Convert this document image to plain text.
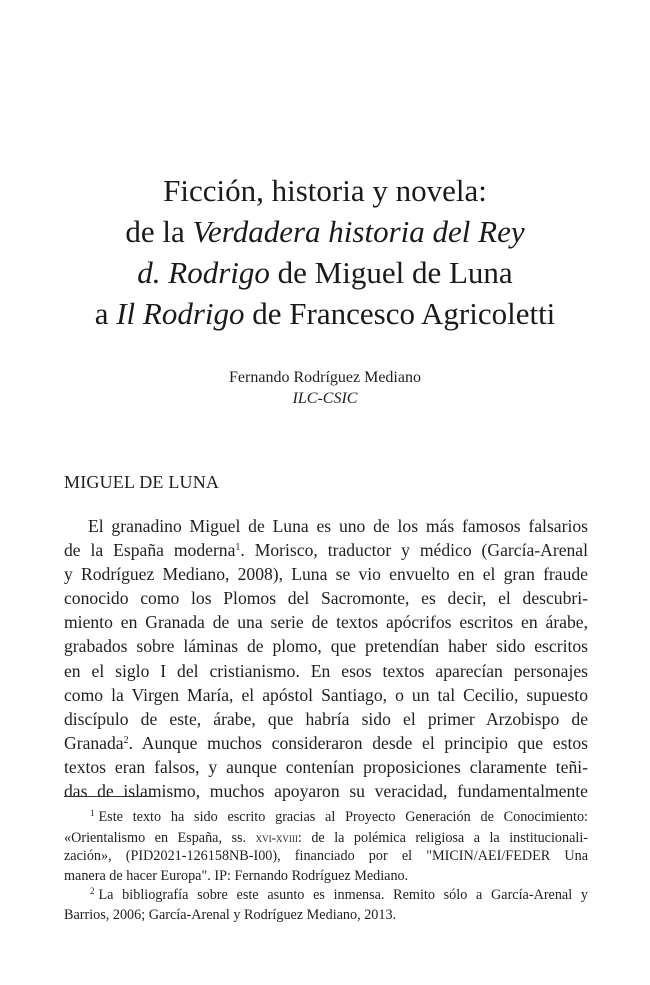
Ficción, historia y novela:
de la Verdadera historia del Rey
d. Rodrigo de Miguel de Luna
a Il Rodrigo de Francesco Agricoletti
Fernando Rodríguez Mediano
ILC-CSIC
MIGUEL DE LUNA
El granadino Miguel de Luna es uno de los más famosos falsarios
de la España moderna$^1$. Morisco, traductor y médico (García-Arenal
y Rodríguez Mediano, 2008), Luna se vio envuelto en el gran fraude
conocido como los Plomos del Sacromonte, es decir, el descubri-
miento en Granada de una serie de textos apócrifos escritos en árabe,
grabados sobre láminas de plomo, que pretendían haber sido escritos
en el siglo I del cristianismo. En esos textos aparecían personajes
como la Virgen María, el apóstol Santiago, o un tal Cecilio, supuesto
discípulo de este, árabe, que habría sido el primer Arzobispo de
Granada$^2$. Aunque muchos consideraron desde el principio que estos
textos eran falsos, y aunque contenían proposiciones claramente teñi-
das de islamismo, muchos apoyaron su veracidad, fundamentalmente
$^1$ Este texto ha sido escrito gracias al Proyecto Generación de Conocimiento:
«Orientalismo en España, ss. xvi-xviii: de la polémica religiosa a la institucionali-
zación», (PID2021-126158NB-I00), financiado por el "MICIN/AEI/FEDER Una
manera de hacer Europa". IP: Fernando Rodríguez Mediano.
$^2$ La bibliografía sobre este asunto es inmensa. Remito sólo a García-Arenal y
Barrios, 2006; García-Arenal y Rodríguez Mediano, 2013.
